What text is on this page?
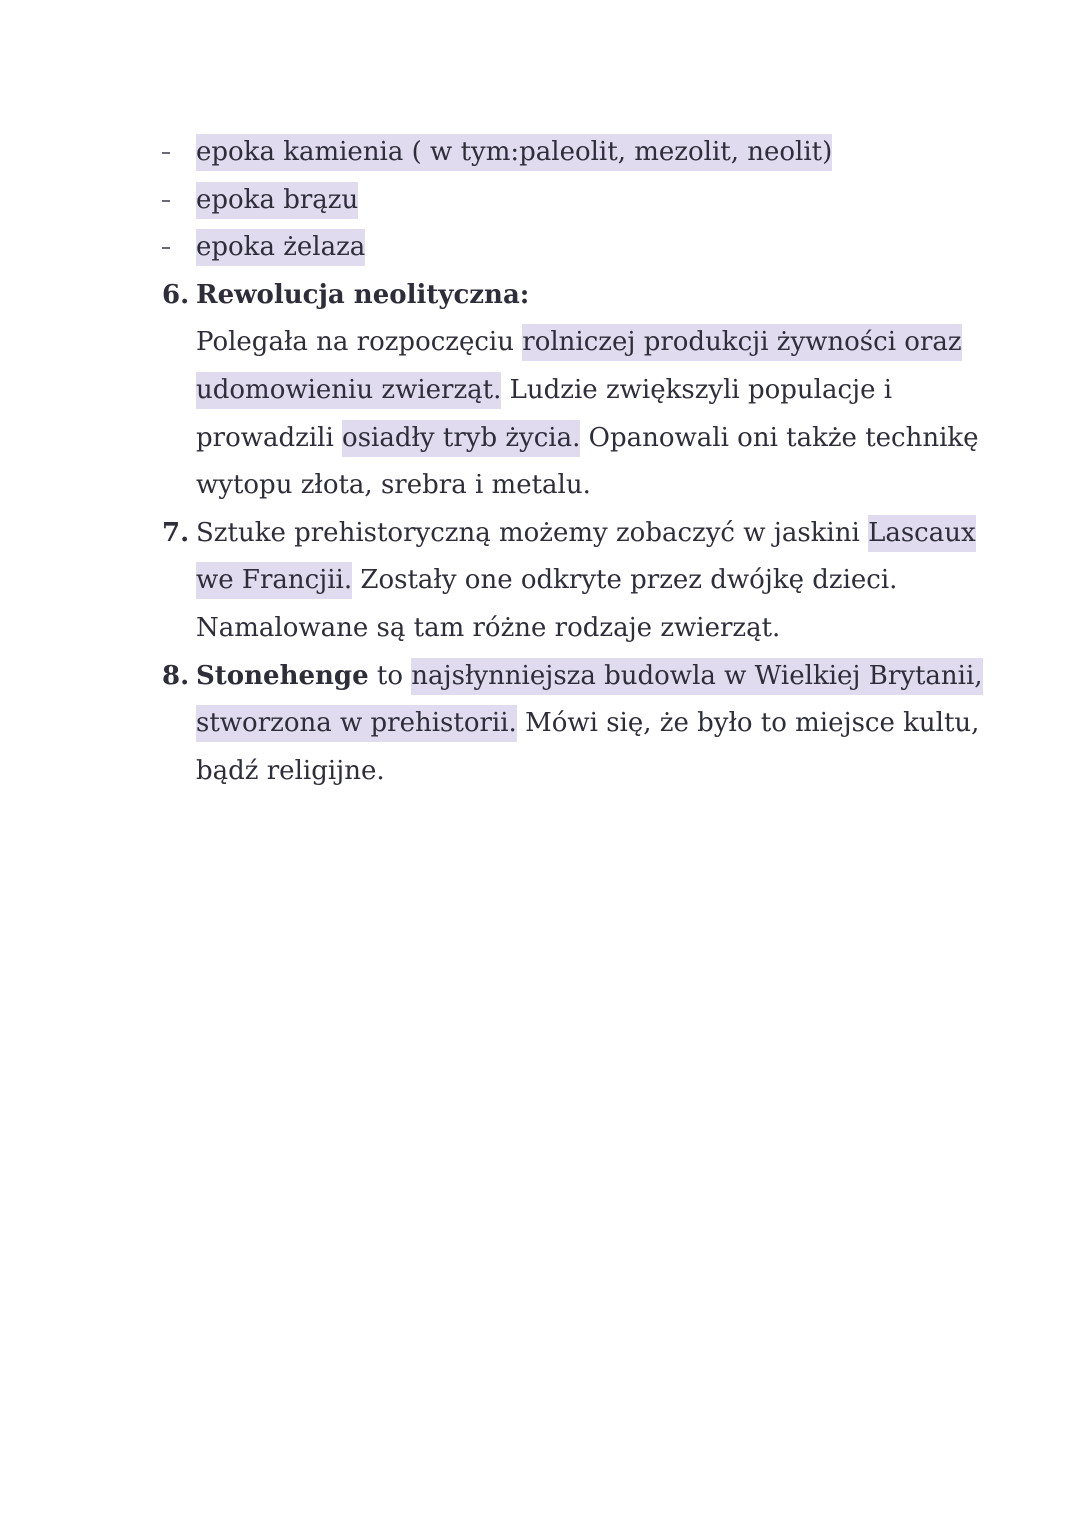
epoka kamienia ( w tym:paleolit, mezolit, neolit)
epoka brązu
epoka żelaza
6. Rewolucja neolityczna:
Polegała na rozpoczęciu rolniczej produkcji żywności oraz
udomowieniu zwierząt. Ludzie zwiększyli populacje i
prowadzili osiadły tryb życia. Opanowali oni także technikę
wytopu złota, srebra i metalu.
7. Sztuke prehistoryczną możemy zobaczyć w jaskini Lascaux
we Francjii. Zostały one odkryte przez dwójkę dzieci.
Namalowane są tam różne rodzaje zwierząt.
8. Stonehenge to najsłynniejsza budowla w Wielkiej Brytanii,
stworzona w prehistorii. Mówi się, że było to miejsce kultu,
bądź religijne.
